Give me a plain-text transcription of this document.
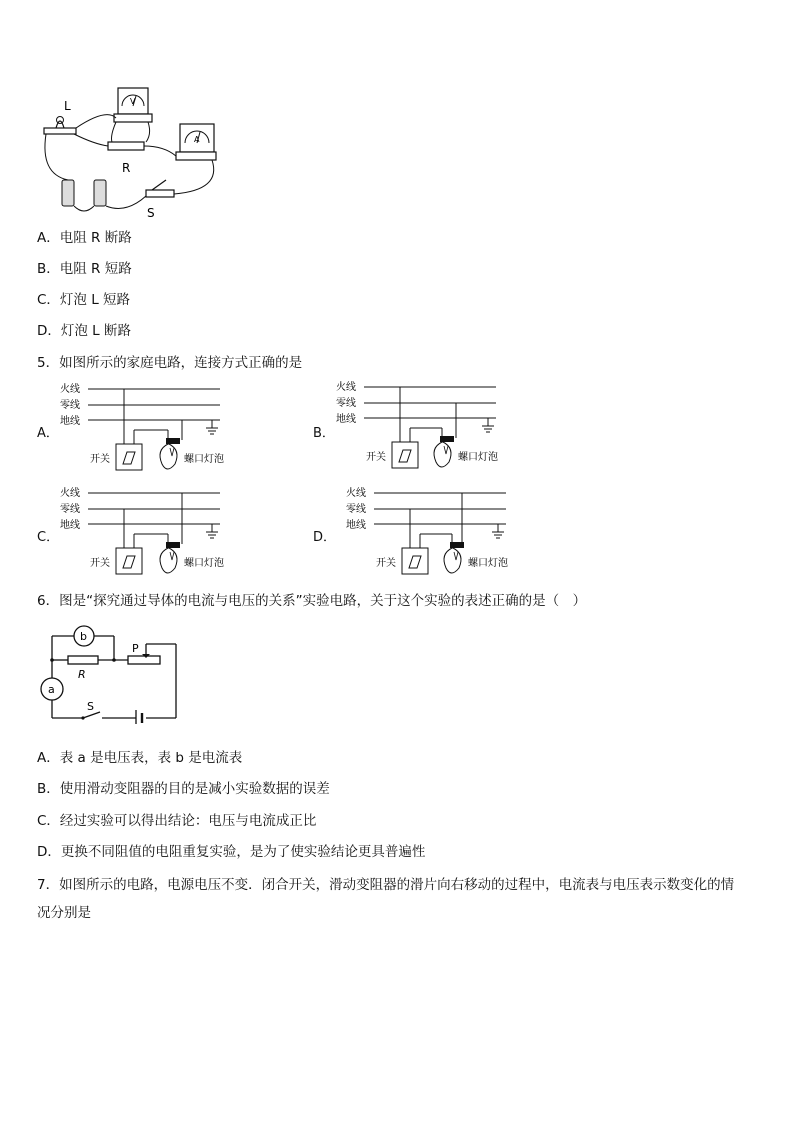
L	V
A
R
S
A．电阻 R 断路
B．电阻 R 短路
C．灯泡 L 短路
D．灯泡 L 断路
5．如图所示的家庭电路，连接方式正确的是
A．	B．
C．	D．
火线
零线
地线
开关	螺口灯泡
火线
零线
地线
开关	螺口灯泡
火线
零线
地线
开关	螺口灯泡
火线
零线
地线
开关	螺口灯泡
6．图是“探究通过导体的电流与电压的关系”实验电路，关于这个实验的表述正确的是（　）
b
a
R
P
S
A．表 a 是电压表，表 b 是电流表
B．使用滑动变阻器的目的是减小实验数据的误差
C．经过实验可以得出结论：电压与电流成正比
D．更换不同阻值的电阻重复实验，是为了使实验结论更具普遍性
7．如图所示的电路，电源电压不变．闭合开关，滑动变阻器的滑片向右移动的过程中，电流表与电压表示数变化的情
况分别是
